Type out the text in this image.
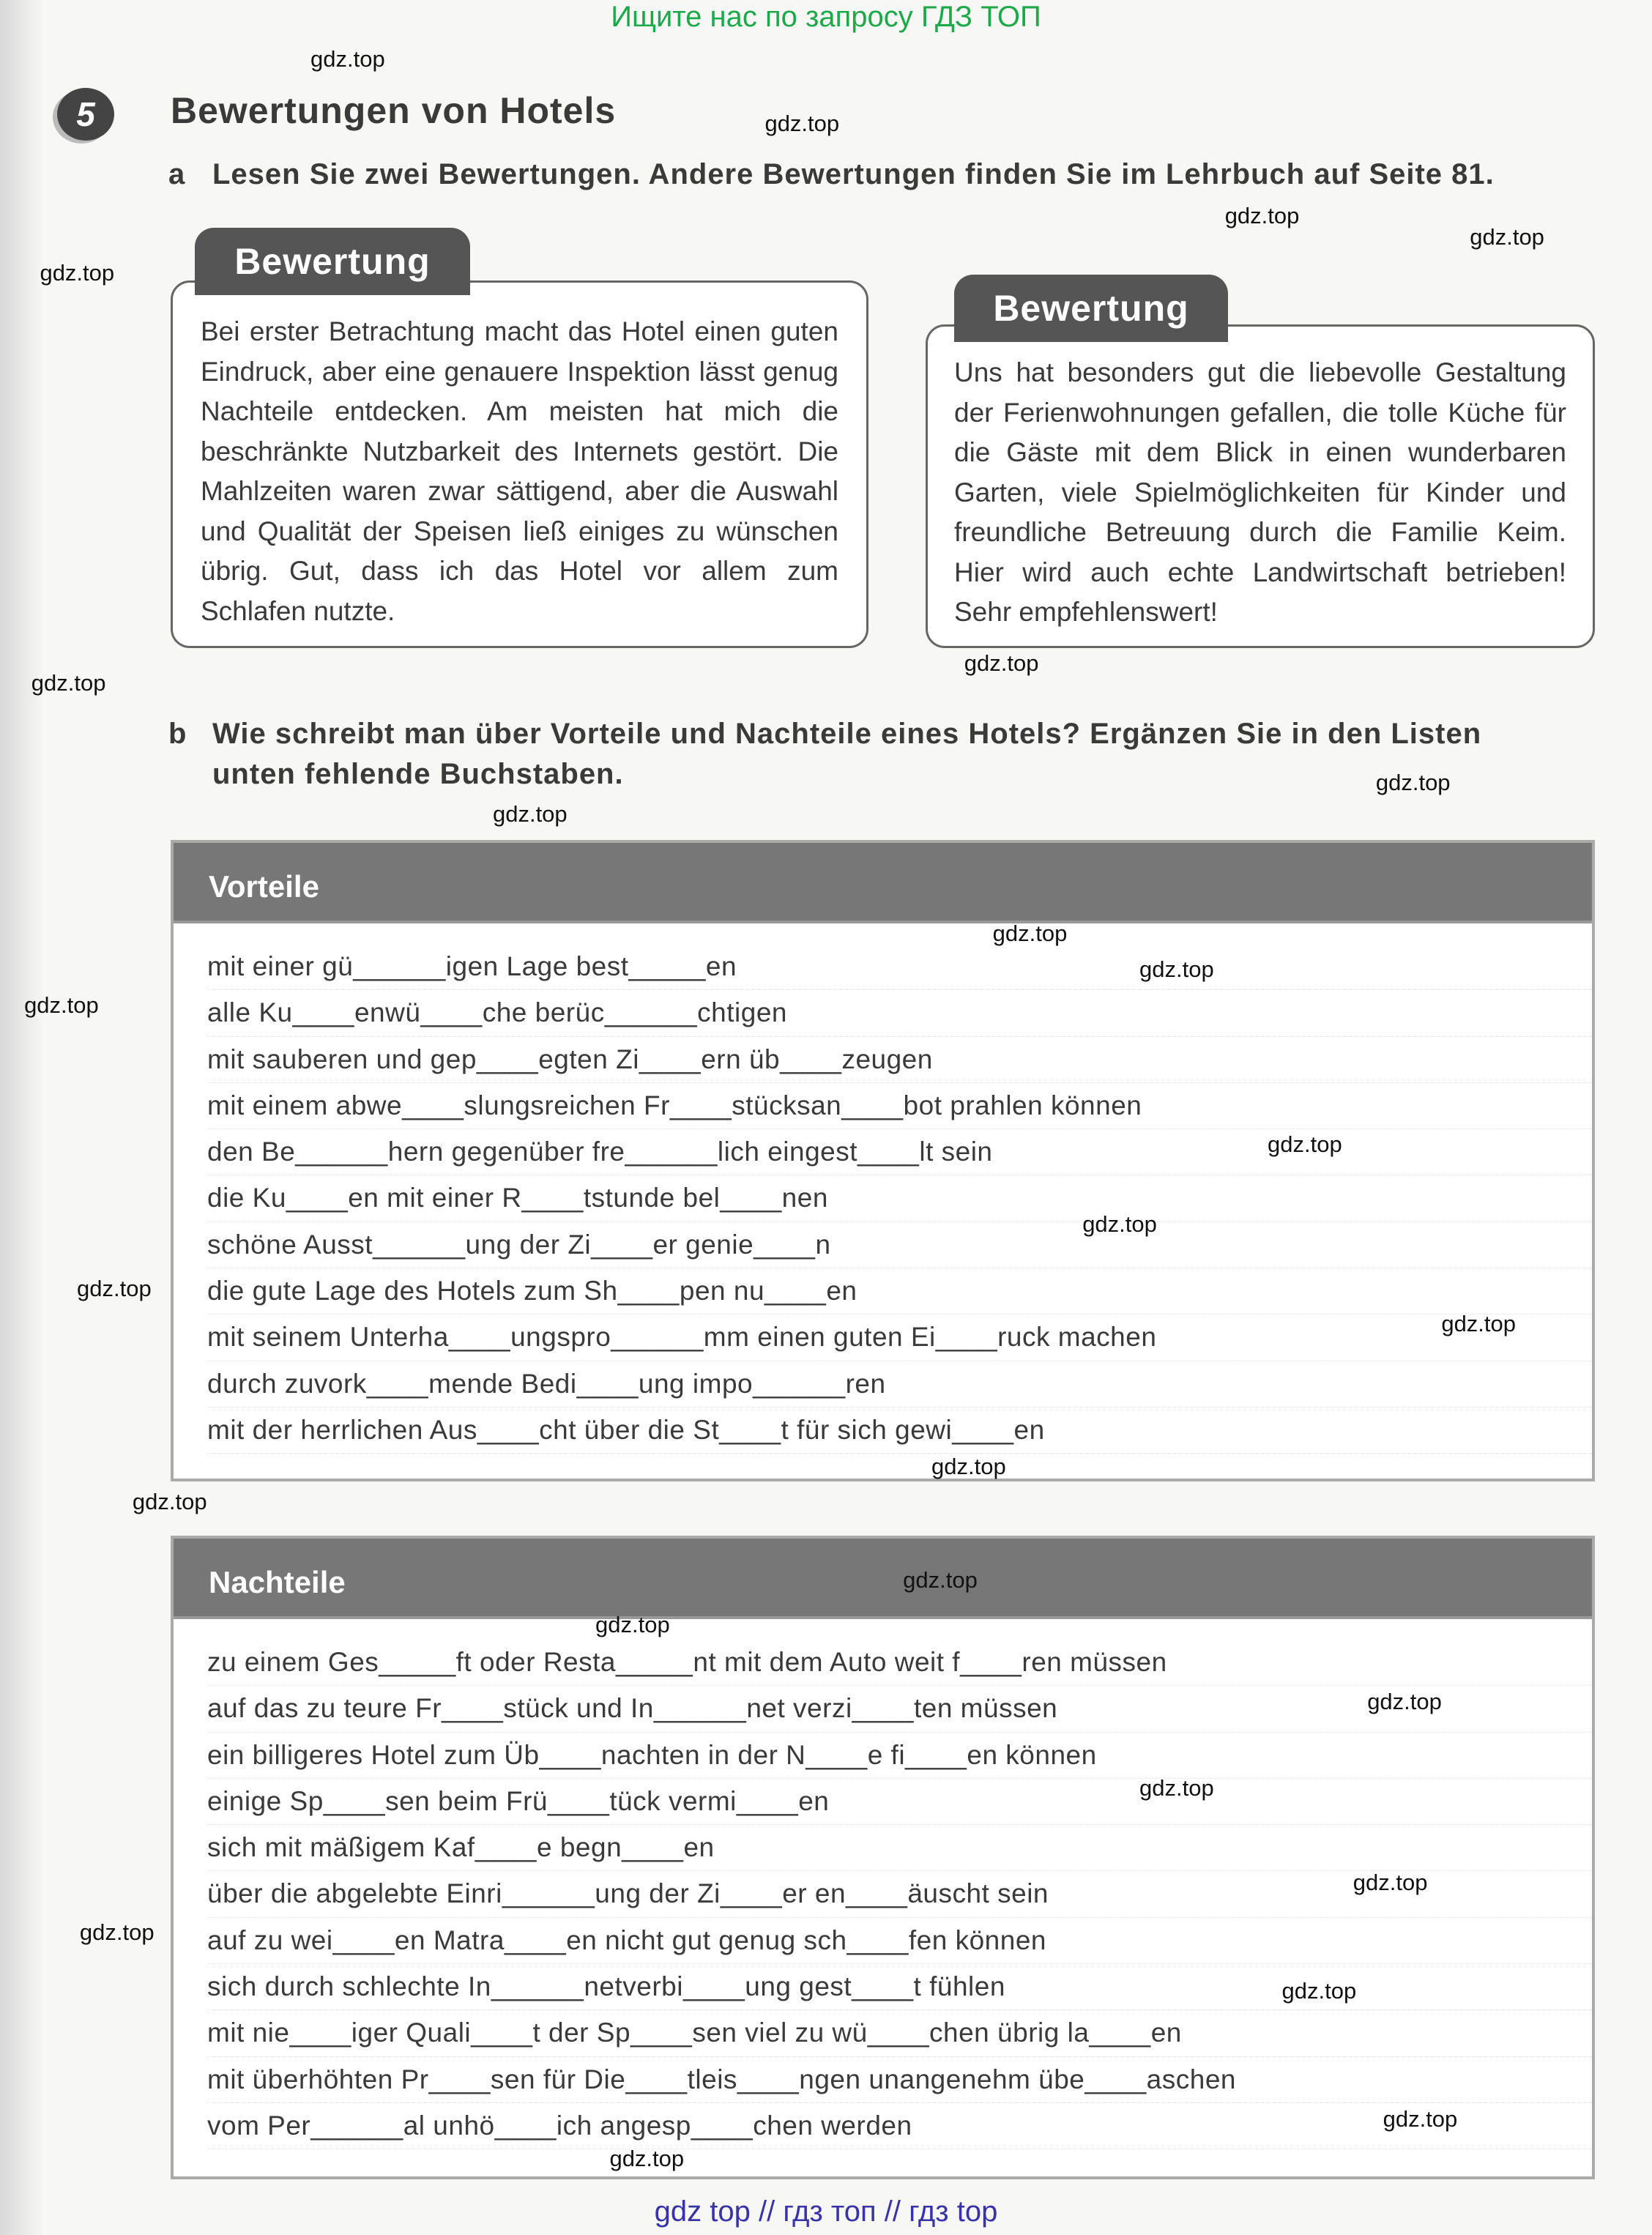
Ищите нас по запросу ГДЗ ТОП
5	Bewertungen von Hotels
a Lesen Sie zwei Bewertungen. Andere Bewertungen finden Sie im Lehrbuch auf Seite 81.
Bei erster Betrachtung macht das Hotel einen guten Eindruck, aber eine genauere Inspektion lässt genug Nachteile entdecken. Am meisten hat mich die beschränkte Nutzbarkeit des Internets gestört. Die Mahlzeiten waren zwar sättigend, aber die Auswahl und Qualität der Speisen ließ einiges zu wünschen übrig. Gut, dass ich das Hotel vor allem zum Schlafen nutzte.
Bewertung
Uns hat besonders gut die liebevolle Gestaltung der Ferienwohnungen gefallen, die tolle Küche für die Gäste mit dem Blick in einen wunderbaren Garten, viele Spielmöglichkeiten für Kinder und freundliche Betreuung durch die Familie Keim. Hier wird auch echte Landwirtschaft betrieben! Sehr empfehlenswert!
Bewertung
b Wie schreibt man über Vorteile und Nachteile eines Hotels? Ergänzen Sie in den Listen
unten fehlende Buchstaben.
Vorteile
mit einer gü______igen Lage best_____en
alle Ku____enwü____che berüc______chtigen
mit sauberen und gep____egten Zi____ern üb____zeugen
mit einem abwe____slungsreichen Fr____stücksan____bot prahlen können
den Be______hern gegenüber fre______lich eingest____lt sein
die Ku____en mit einer R____tstunde bel____nen
schöne Ausst______ung der Zi____er genie____n
die gute Lage des Hotels zum Sh____pen nu____en
mit seinem Unterha____ungspro______mm einen guten Ei____ruck machen
durch zuvork____mende Bedi____ung impo______ren
mit der herrlichen Aus____cht über die St____t für sich gewi____en
Nachteile
zu einem Ges_____ft oder Resta_____nt mit dem Auto weit f____ren müssen
auf das zu teure Fr____stück und In______net verzi____ten müssen
ein billigeres Hotel zum Üb____nachten in der N____e fi____en können
einige Sp____sen beim Frü____tück vermi____en
sich mit mäßigem Kaf____e begn____en
über die abgelebte Einri______ung der Zi____er en____äuscht sein
auf zu wei____en Matra____en nicht gut genug sch____fen können
sich durch schlechte In______netverbi____ung gest____t fühlen
mit nie____iger Quali____t der Sp____sen viel zu wü____chen übrig la____en
mit überhöhten Pr____sen für Die____tleis____ngen unangenehm übe____aschen
vom Per______al unhö____ich angesp____chen werden
gdz.top
gdz.top
gdz.top
gdz.top
gdz.top
gdz.top
gdz.top
gdz.top
gdz.top
gdz.top
gdz.top
gdz.top
gdz.top
gdz.top
gdz.top
gdz.top
gdz.top
gdz.top
gdz.top
gdz.top
gdz.top
gdz.top
gdz.top
gdz.top
gdz.top
gdz.top
gdz.top
gdz top // гдз топ // гдз top
